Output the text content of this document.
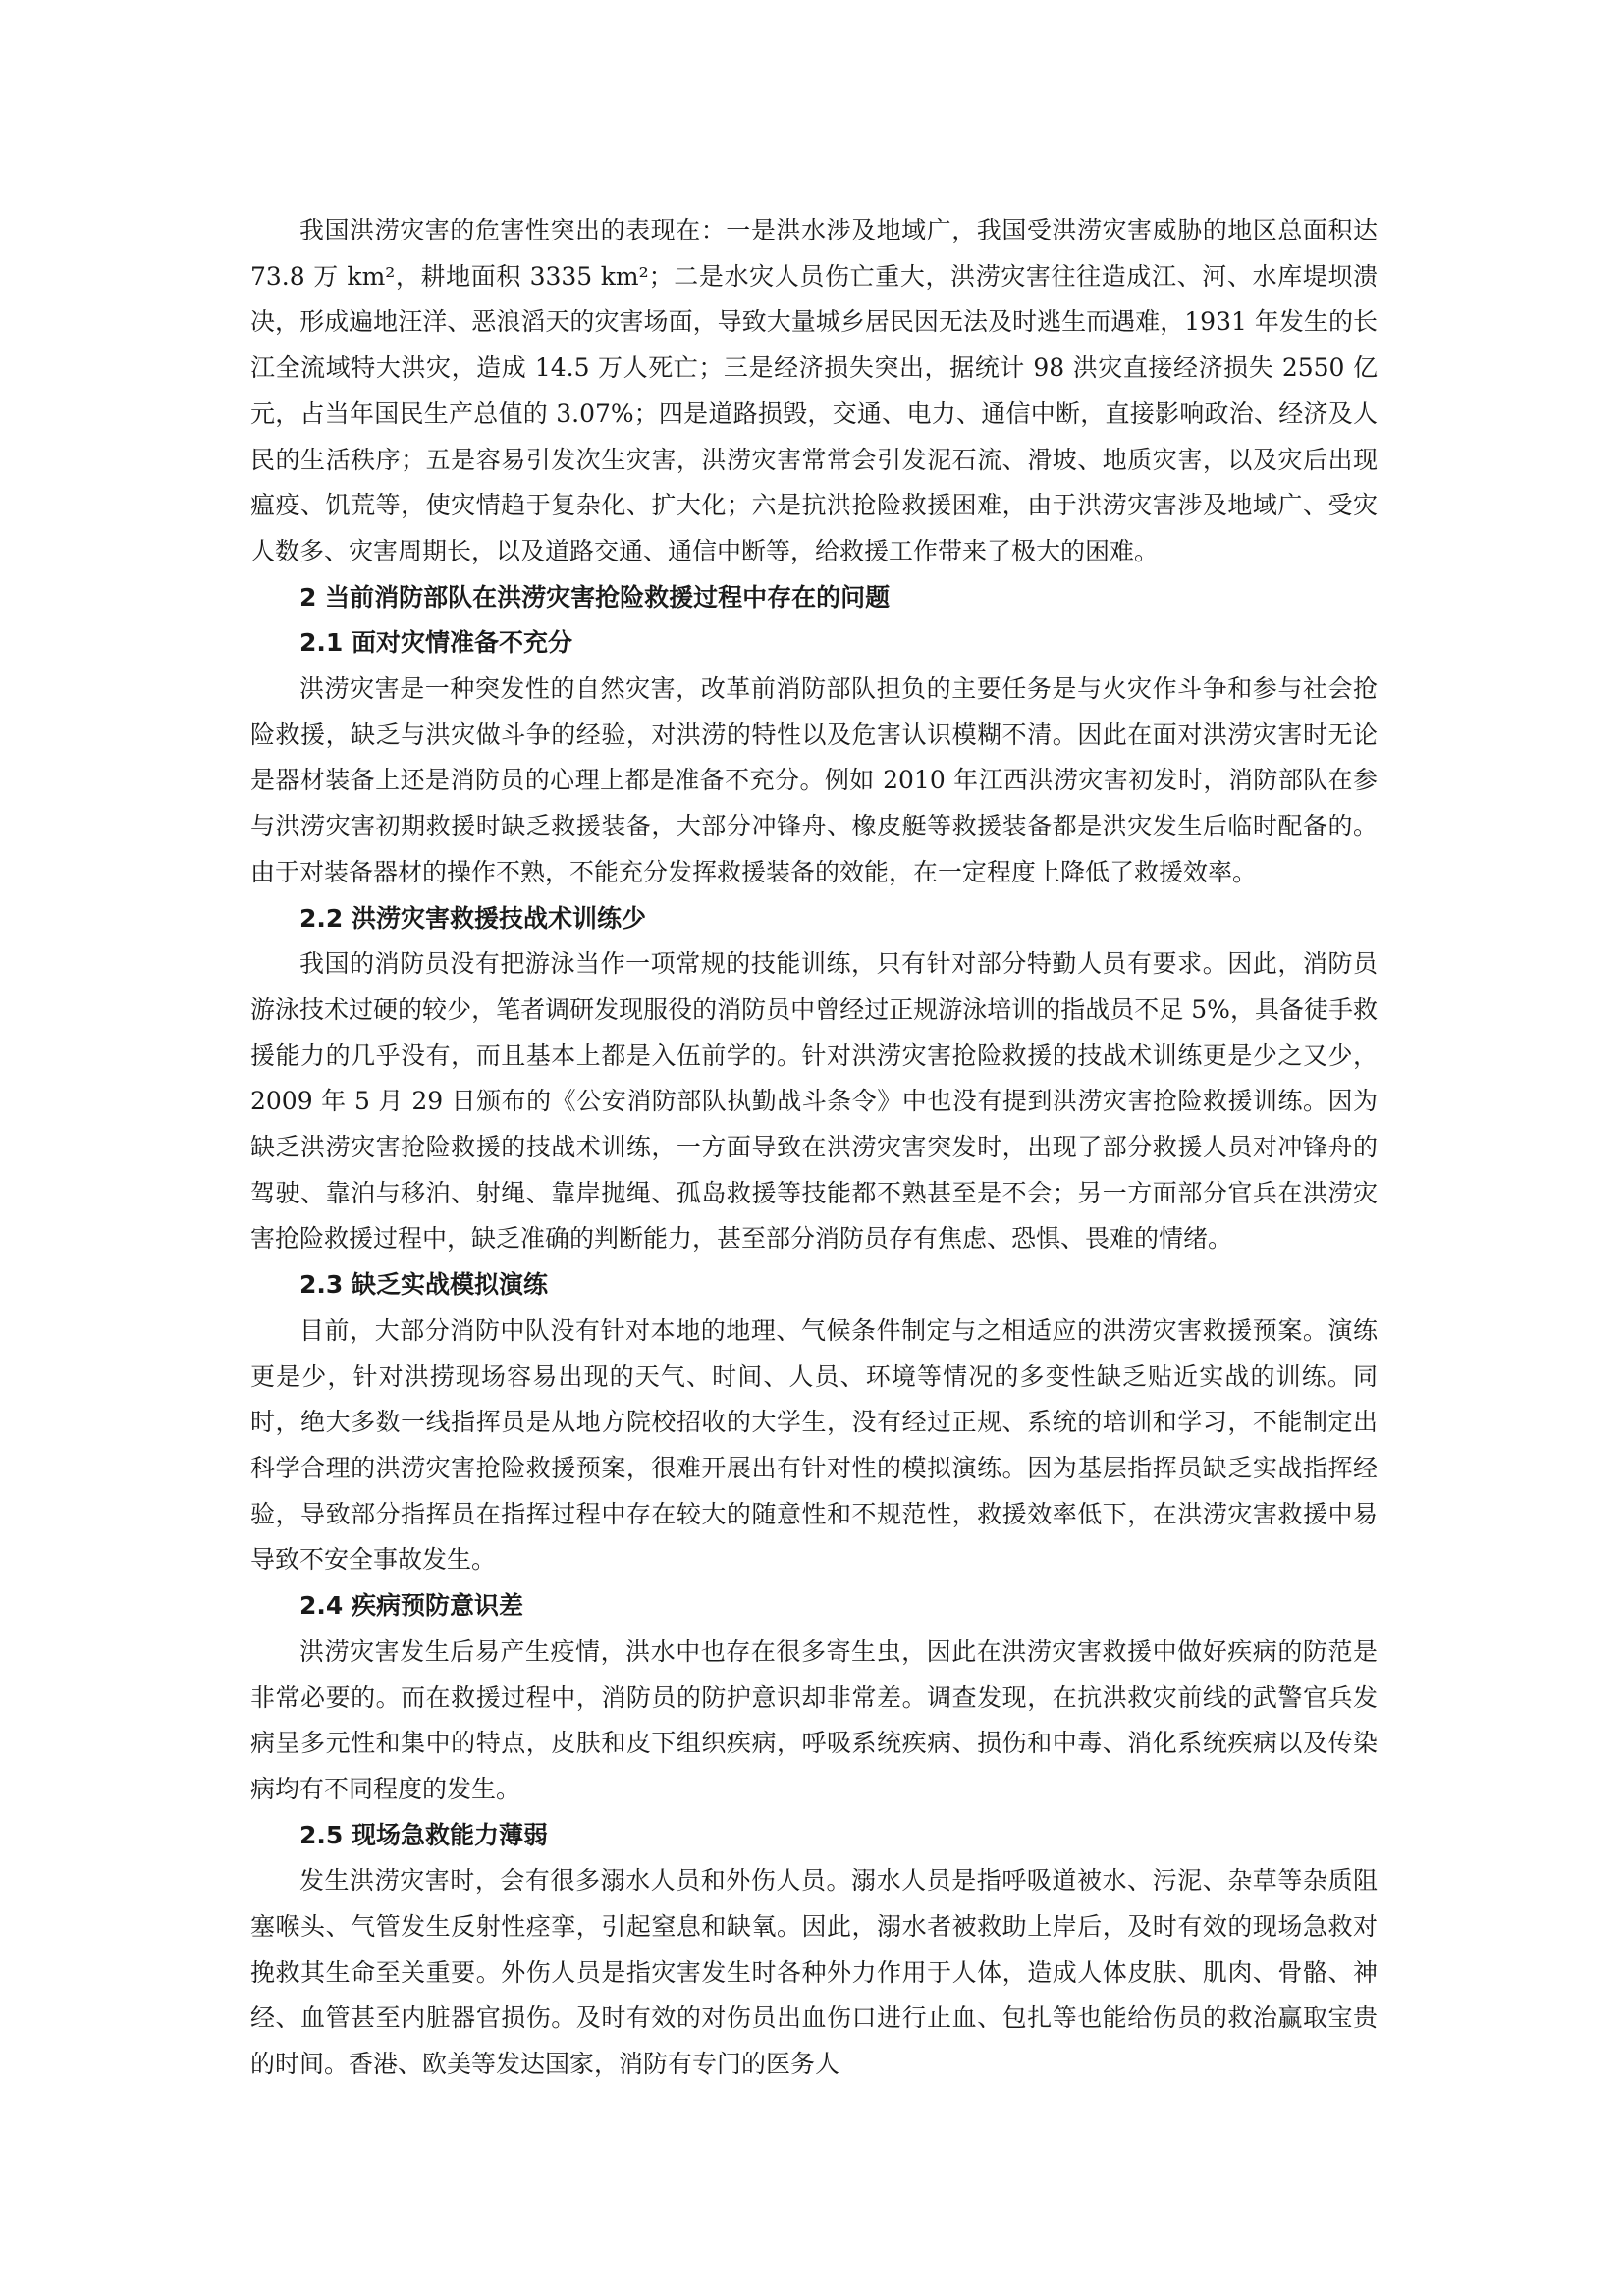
我国洪涝灾害的危害性突出的表现在：一是洪水涉及地域广，我国受洪涝灾害威胁的地区总面积达 73.8 万 km²，耕地面积 3335 km²；二是水灾人员伤亡重大，洪涝灾害往往造成江、河、水库堤坝溃决，形成遍地汪洋、恶浪滔天的灾害场面，导致大量城乡居民因无法及时逃生而遇难，1931 年发生的长江全流域特大洪灾，造成 14.5 万人死亡；三是经济损失突出，据统计 98 洪灾直接经济损失 2550 亿元，占当年国民生产总值的 3.07%；四是道路损毁，交通、电力、通信中断，直接影响政治、经济及人民的生活秩序；五是容易引发次生灾害，洪涝灾害常常会引发泥石流、滑坡、地质灾害，以及灾后出现瘟疫、饥荒等，使灾情趋于复杂化、扩大化；六是抗洪抢险救援困难，由于洪涝灾害涉及地域广、受灾人数多、灾害周期长，以及道路交通、通信中断等，给救援工作带来了极大的困难。

2 当前消防部队在洪涝灾害抢险救援过程中存在的问题
2.1 面对灾情准备不充分

洪涝灾害是一种突发性的自然灾害，改革前消防部队担负的主要任务是与火灾作斗争和参与社会抢险救援，缺乏与洪灾做斗争的经验，对洪涝的特性以及危害认识模糊不清。因此在面对洪涝灾害时无论是器材装备上还是消防员的心理上都是准备不充分。例如 2010 年江西洪涝灾害初发时，消防部队在参与洪涝灾害初期救援时缺乏救援装备，大部分冲锋舟、橡皮艇等救援装备都是洪灾发生后临时配备的。由于对装备器材的操作不熟，不能充分发挥救援装备的效能，在一定程度上降低了救援效率。

2.2 洪涝灾害救援技战术训练少

我国的消防员没有把游泳当作一项常规的技能训练，只有针对部分特勤人员有要求。因此，消防员游泳技术过硬的较少，笔者调研发现服役的消防员中曾经过正规游泳培训的指战员不足 5%，具备徒手救援能力的几乎没有，而且基本上都是入伍前学的。针对洪涝灾害抢险救援的技战术训练更是少之又少，2009 年 5 月 29 日颁布的《公安消防部队执勤战斗条令》中也没有提到洪涝灾害抢险救援训练。因为缺乏洪涝灾害抢险救援的技战术训练，一方面导致在洪涝灾害突发时，出现了部分救援人员对冲锋舟的驾驶、靠泊与移泊、射绳、靠岸抛绳、孤岛救援等技能都不熟甚至是不会；另一方面部分官兵在洪涝灾害抢险救援过程中，缺乏准确的判断能力，甚至部分消防员存有焦虑、恐惧、畏难的情绪。

2.3 缺乏实战模拟演练

目前，大部分消防中队没有针对本地的地理、气候条件制定与之相适应的洪涝灾害救援预案。演练更是少，针对洪捞现场容易出现的天气、时间、人员、环境等情况的多变性缺乏贴近实战的训练。同时，绝大多数一线指挥员是从地方院校招收的大学生，没有经过正规、系统的培训和学习，不能制定出科学合理的洪涝灾害抢险救援预案，很难开展出有针对性的模拟演练。因为基层指挥员缺乏实战指挥经验，导致部分指挥员在指挥过程中存在较大的随意性和不规范性，救援效率低下，在洪涝灾害救援中易导致不安全事故发生。

2.4 疾病预防意识差

洪涝灾害发生后易产生疫情，洪水中也存在很多寄生虫，因此在洪涝灾害救援中做好疾病的防范是非常必要的。而在救援过程中，消防员的防护意识却非常差。调查发现，在抗洪救灾前线的武警官兵发病呈多元性和集中的特点，皮肤和皮下组织疾病，呼吸系统疾病、损伤和中毒、消化系统疾病以及传染病均有不同程度的发生。

2.5 现场急救能力薄弱

发生洪涝灾害时，会有很多溺水人员和外伤人员。溺水人员是指呼吸道被水、污泥、杂草等杂质阻塞喉头、气管发生反射性痉挛，引起窒息和缺氧。因此，溺水者被救助上岸后，及时有效的现场急救对挽救其生命至关重要。外伤人员是指灾害发生时各种外力作用于人体，造成人体皮肤、肌肉、骨骼、神经、血管甚至内脏器官损伤。及时有效的对伤员出血伤口进行止血、包扎等也能给伤员的救治赢取宝贵的时间。香港、欧美等发达国家，消防有专门的医务人
